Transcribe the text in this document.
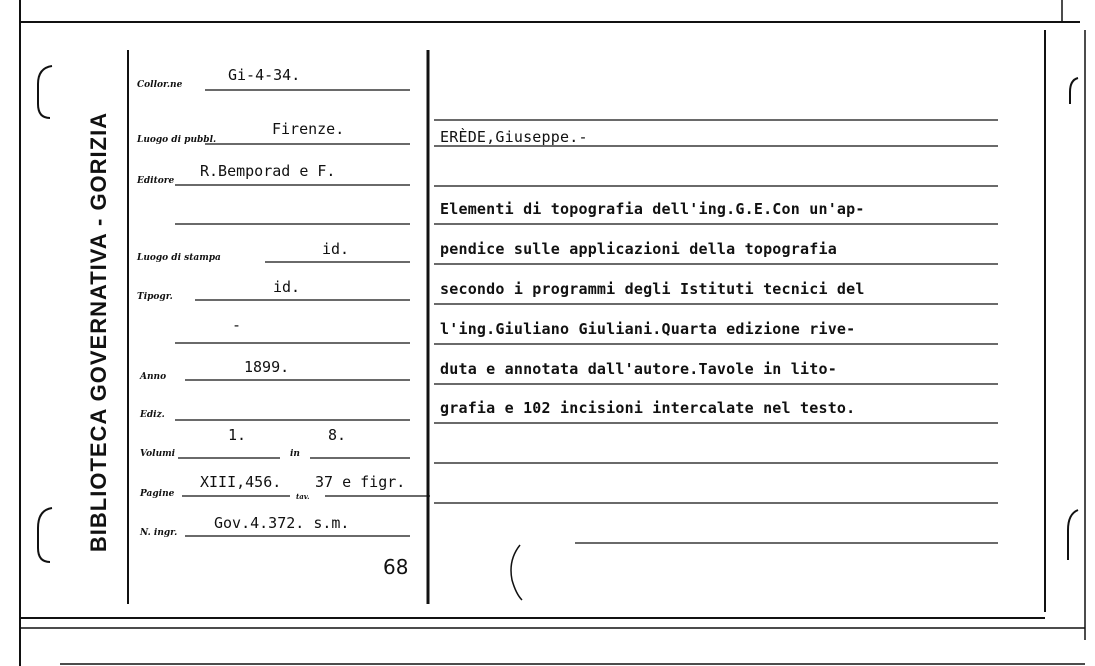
BIBLIOTECA GOVERNATIVA - GORIZIA
Collor.ne
Gi-4-34.
Luogo di pubbl.
Firenze.
Editore
R.Bemporad e F.
Luogo di stampa	id.
Tipogr.
id.
-
Anno
1899.
Ediz.
Volumi
1.
in
8.
Pagine
XIII,456.
tav.
37 e figr.
N. ingr.
Gov.4.372. s.m.
ERÈDE,Giuseppe.-
Elementi di topografia dell'ing.G.E.Con un'ap-
pendice sulle applicazioni della topografia
secondo i programmi degli Istituti tecnici del
l'ing.Giuliano Giuliani.Quarta edizione rive-
duta e annotata dall'autore.Tavole in lito-
grafia e 102 incisioni intercalate nel testo.
68
